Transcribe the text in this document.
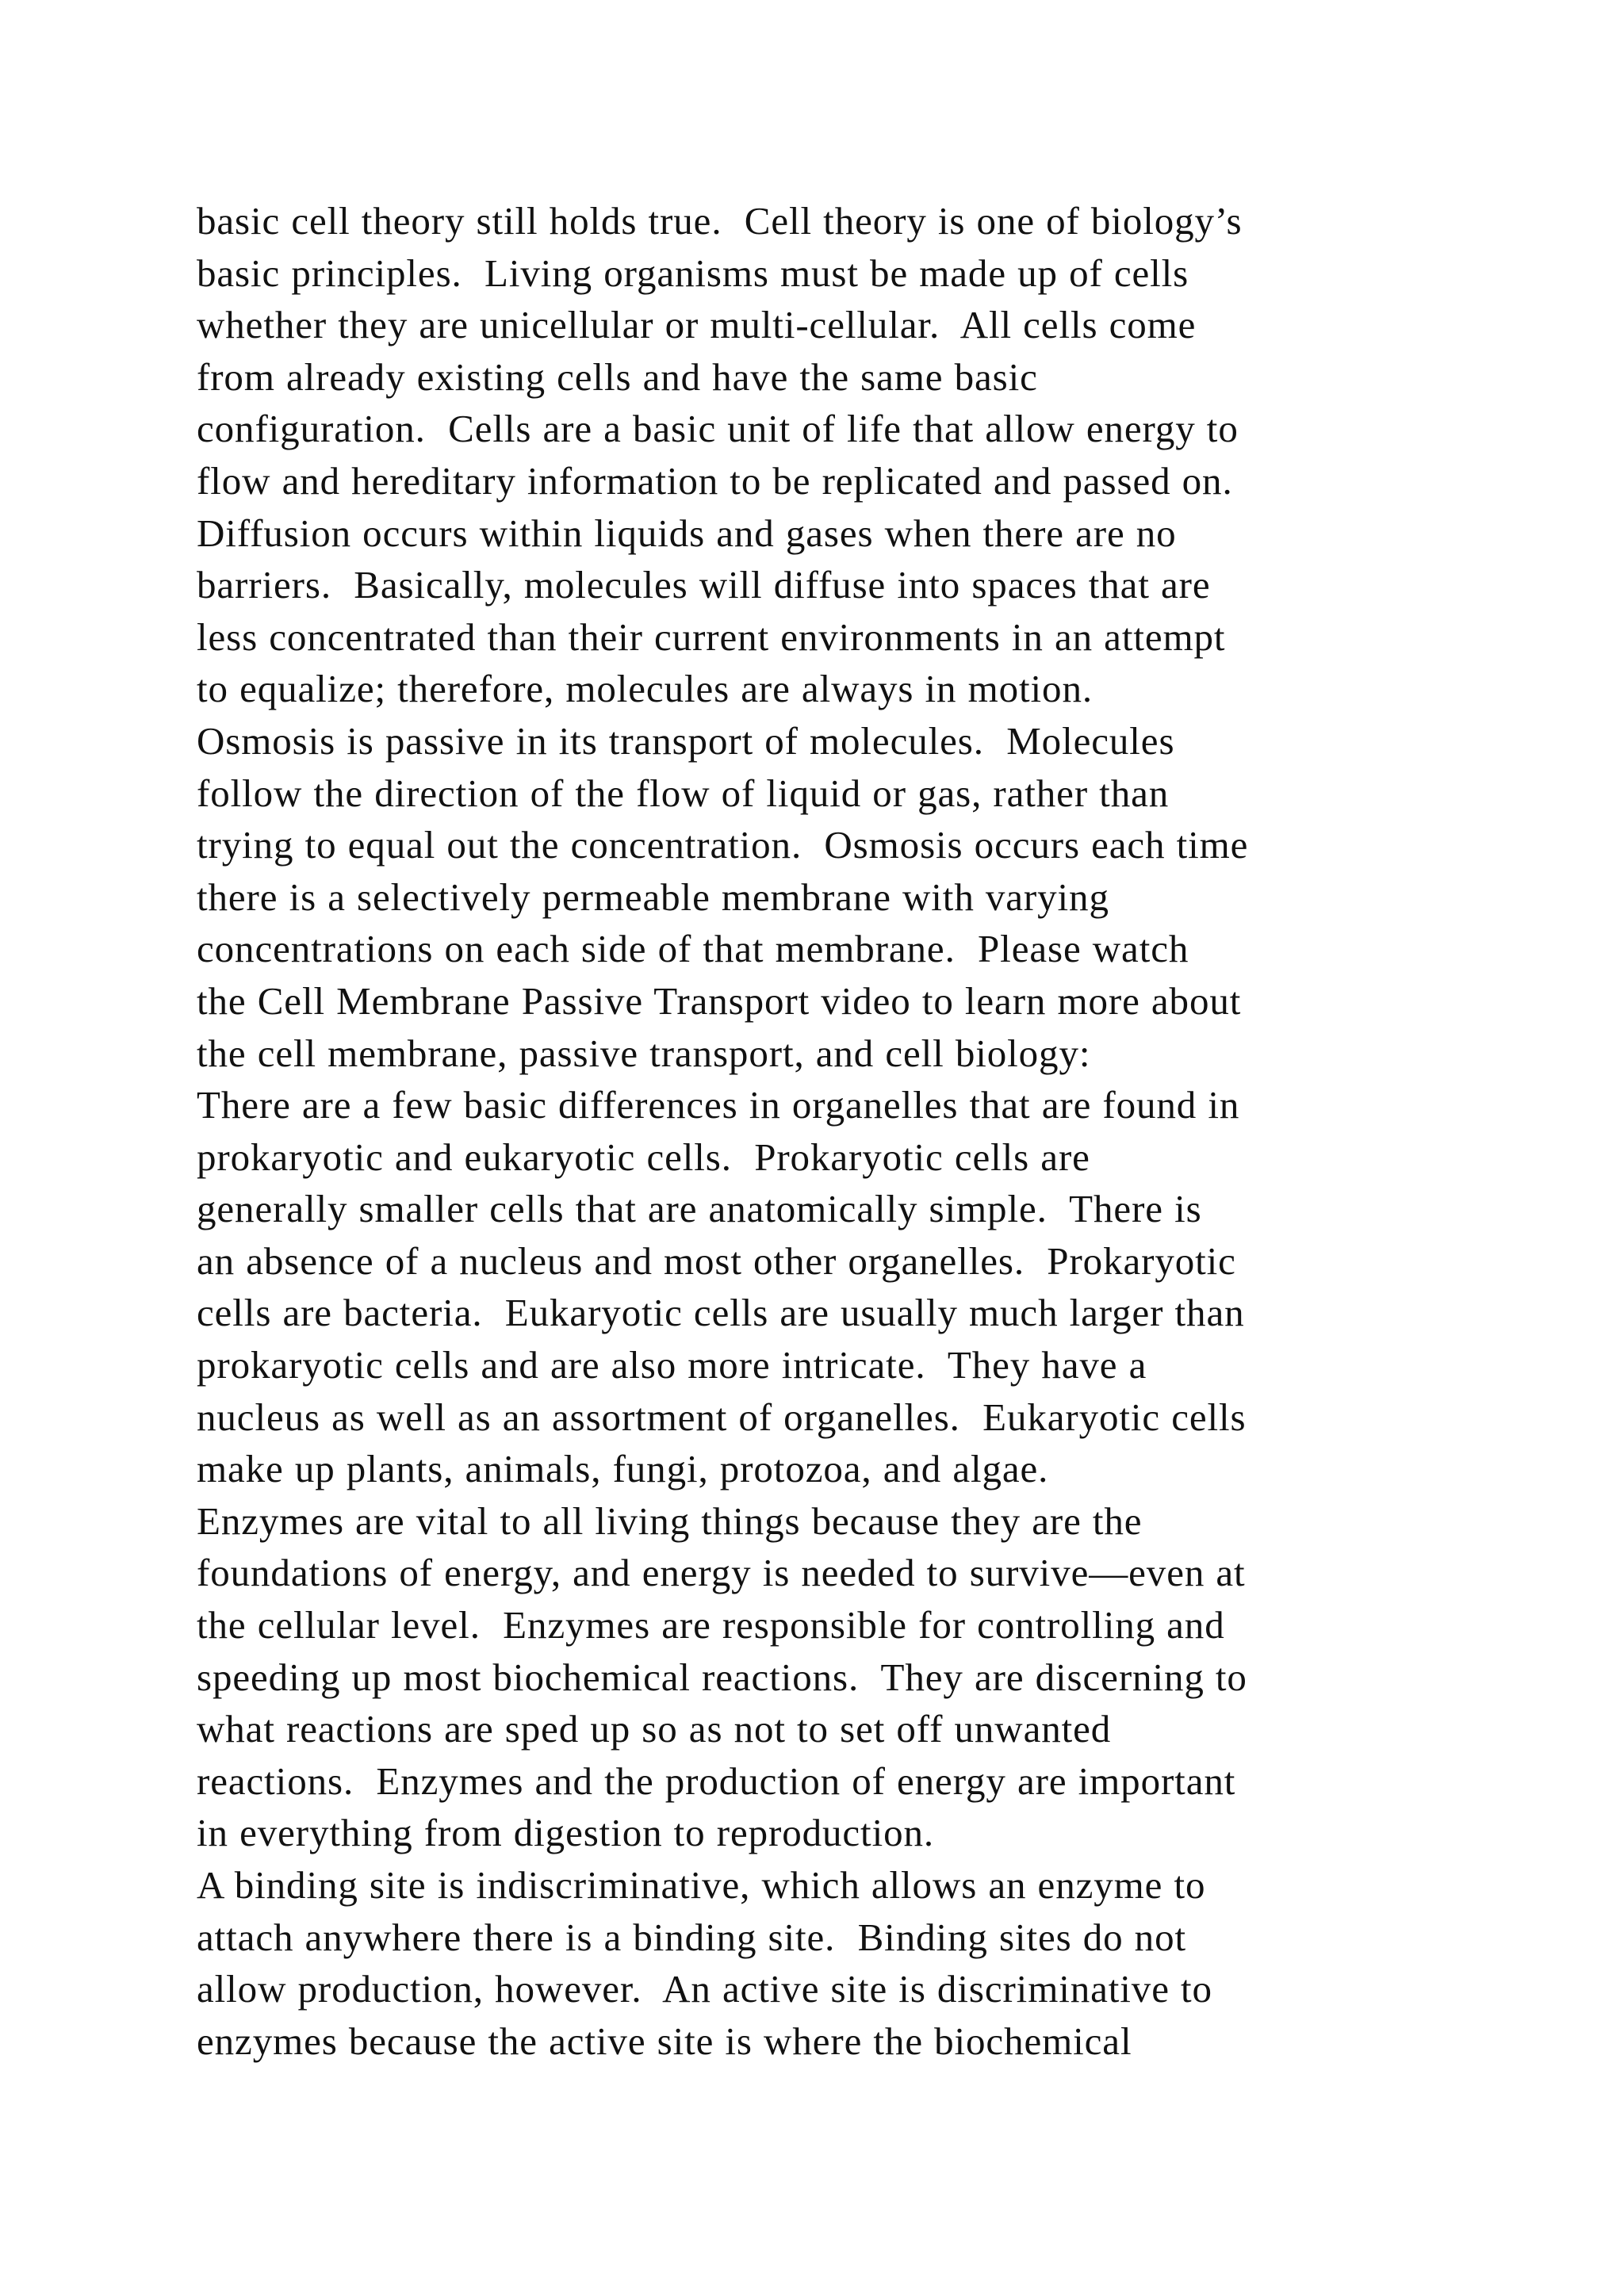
basic cell theory still holds true.  Cell theory is one of biology’s
basic principles.  Living organisms must be made up of cells
whether they are unicellular or multi-cellular.  All cells come
from already existing cells and have the same basic
configuration.  Cells are a basic unit of life that allow energy to
flow and hereditary information to be replicated and passed on.
Diffusion occurs within liquids and gases when there are no
barriers.  Basically, molecules will diffuse into spaces that are
less concentrated than their current environments in an attempt
to equalize; therefore, molecules are always in motion.
Osmosis is passive in its transport of molecules.  Molecules
follow the direction of the flow of liquid or gas, rather than
trying to equal out the concentration.  Osmosis occurs each time
there is a selectively permeable membrane with varying
concentrations on each side of that membrane.  Please watch
the Cell Membrane Passive Transport video to learn more about
the cell membrane, passive transport, and cell biology:
There are a few basic differences in organelles that are found in
prokaryotic and eukaryotic cells.  Prokaryotic cells are
generally smaller cells that are anatomically simple.  There is
an absence of a nucleus and most other organelles.  Prokaryotic
cells are bacteria.  Eukaryotic cells are usually much larger than
prokaryotic cells and are also more intricate.  They have a
nucleus as well as an assortment of organelles.  Eukaryotic cells
make up plants, animals, fungi, protozoa, and algae.
Enzymes are vital to all living things because they are the
foundations of energy, and energy is needed to survive—even at
the cellular level.  Enzymes are responsible for controlling and
speeding up most biochemical reactions.  They are discerning to
what reactions are sped up so as not to set off unwanted
reactions.  Enzymes and the production of energy are important
in everything from digestion to reproduction.
A binding site is indiscriminative, which allows an enzyme to
attach anywhere there is a binding site.  Binding sites do not
allow production, however.  An active site is discriminative to
enzymes because the active site is where the biochemical
